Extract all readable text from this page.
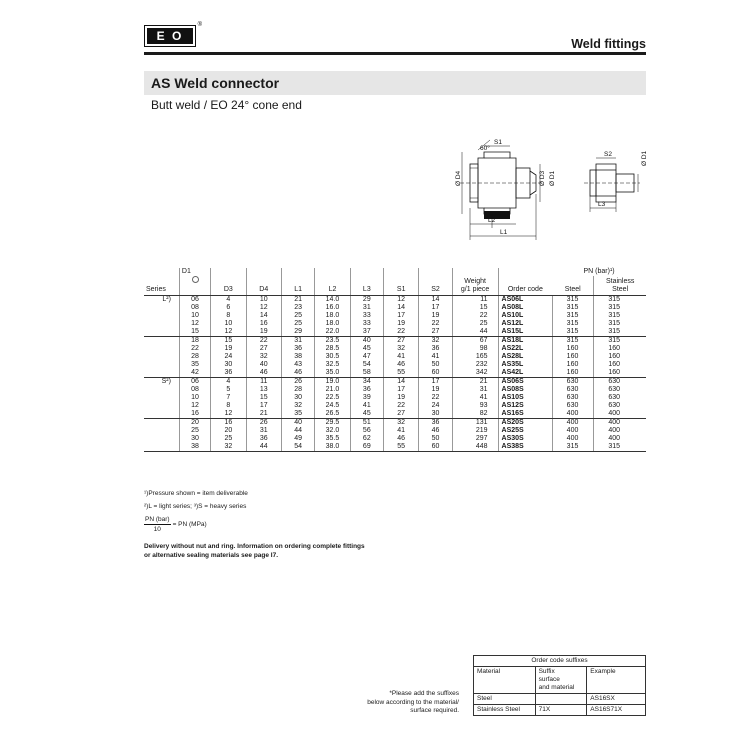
E O
®
Weld fittings
AS Weld connector
Butt weld / EO 24° cone end
S1
60°
Ø D4	Ø D3 Ø D1
L2
L1
S2	Ø D1
L3
	D1										PN (bar)¹)	
									Weight			Stainless
Series		D3	D4	L1	L2	L3	S1	S2	g/1 piece	Order code	Steel	Steel
L²)	06	4	10	21	14.0	29	12	14	11	AS06L	315	315
	08	6	12	23	16.0	31	14	17	15	AS08L	315	315
	10	8	14	25	18.0	33	17	19	22	AS10L	315	315
	12	10	16	25	18.0	33	19	22	25	AS12L	315	315
	15	12	19	29	22.0	37	22	27	44	AS15L	315	315
	18	15	22	31	23.5	40	27	32	67	AS18L	315	315
	22	19	27	36	28.5	45	32	36	98	AS22L	160	160
	28	24	32	38	30.5	47	41	41	165	AS28L	160	160
	35	30	40	43	32.5	54	46	50	232	AS35L	160	160
	42	36	46	46	35.0	58	55	60	342	AS42L	160	160
S²)	06	4	11	26	19.0	34	14	17	21	AS06S	630	630
	08	5	13	28	21.0	36	17	19	31	AS08S	630	630
	10	7	15	30	22.5	39	19	22	41	AS10S	630	630
	12	8	17	32	24.5	41	22	24	93	AS12S	630	630
	16	12	21	35	26.5	45	27	30	82	AS16S	400	400
	20	16	26	40	29.5	51	32	36	131	AS20S	400	400
	25	20	31	44	32.0	56	41	46	219	AS25S	400	400
	30	25	36	49	35.5	62	46	50	297	AS30S	400	400
	38	32	44	54	38.0	69	55	60	448	AS38S	315	315

¹)Pressure shown = item deliverable

²)L = light series; ³)S = heavy series

$\frac{\text{PN (bar)}}{10}$ = PN (MPa)

Delivery without nut and ring. Information on ordering complete fittings
or alternative sealing materials see page I7.

*Please add the suffixes
below according to the material/
surface required.
Order code suffixes		
Material	Suffix
surface
and material	Example
Steel		AS16SX
Stainless Steel	71X	AS16S71X
